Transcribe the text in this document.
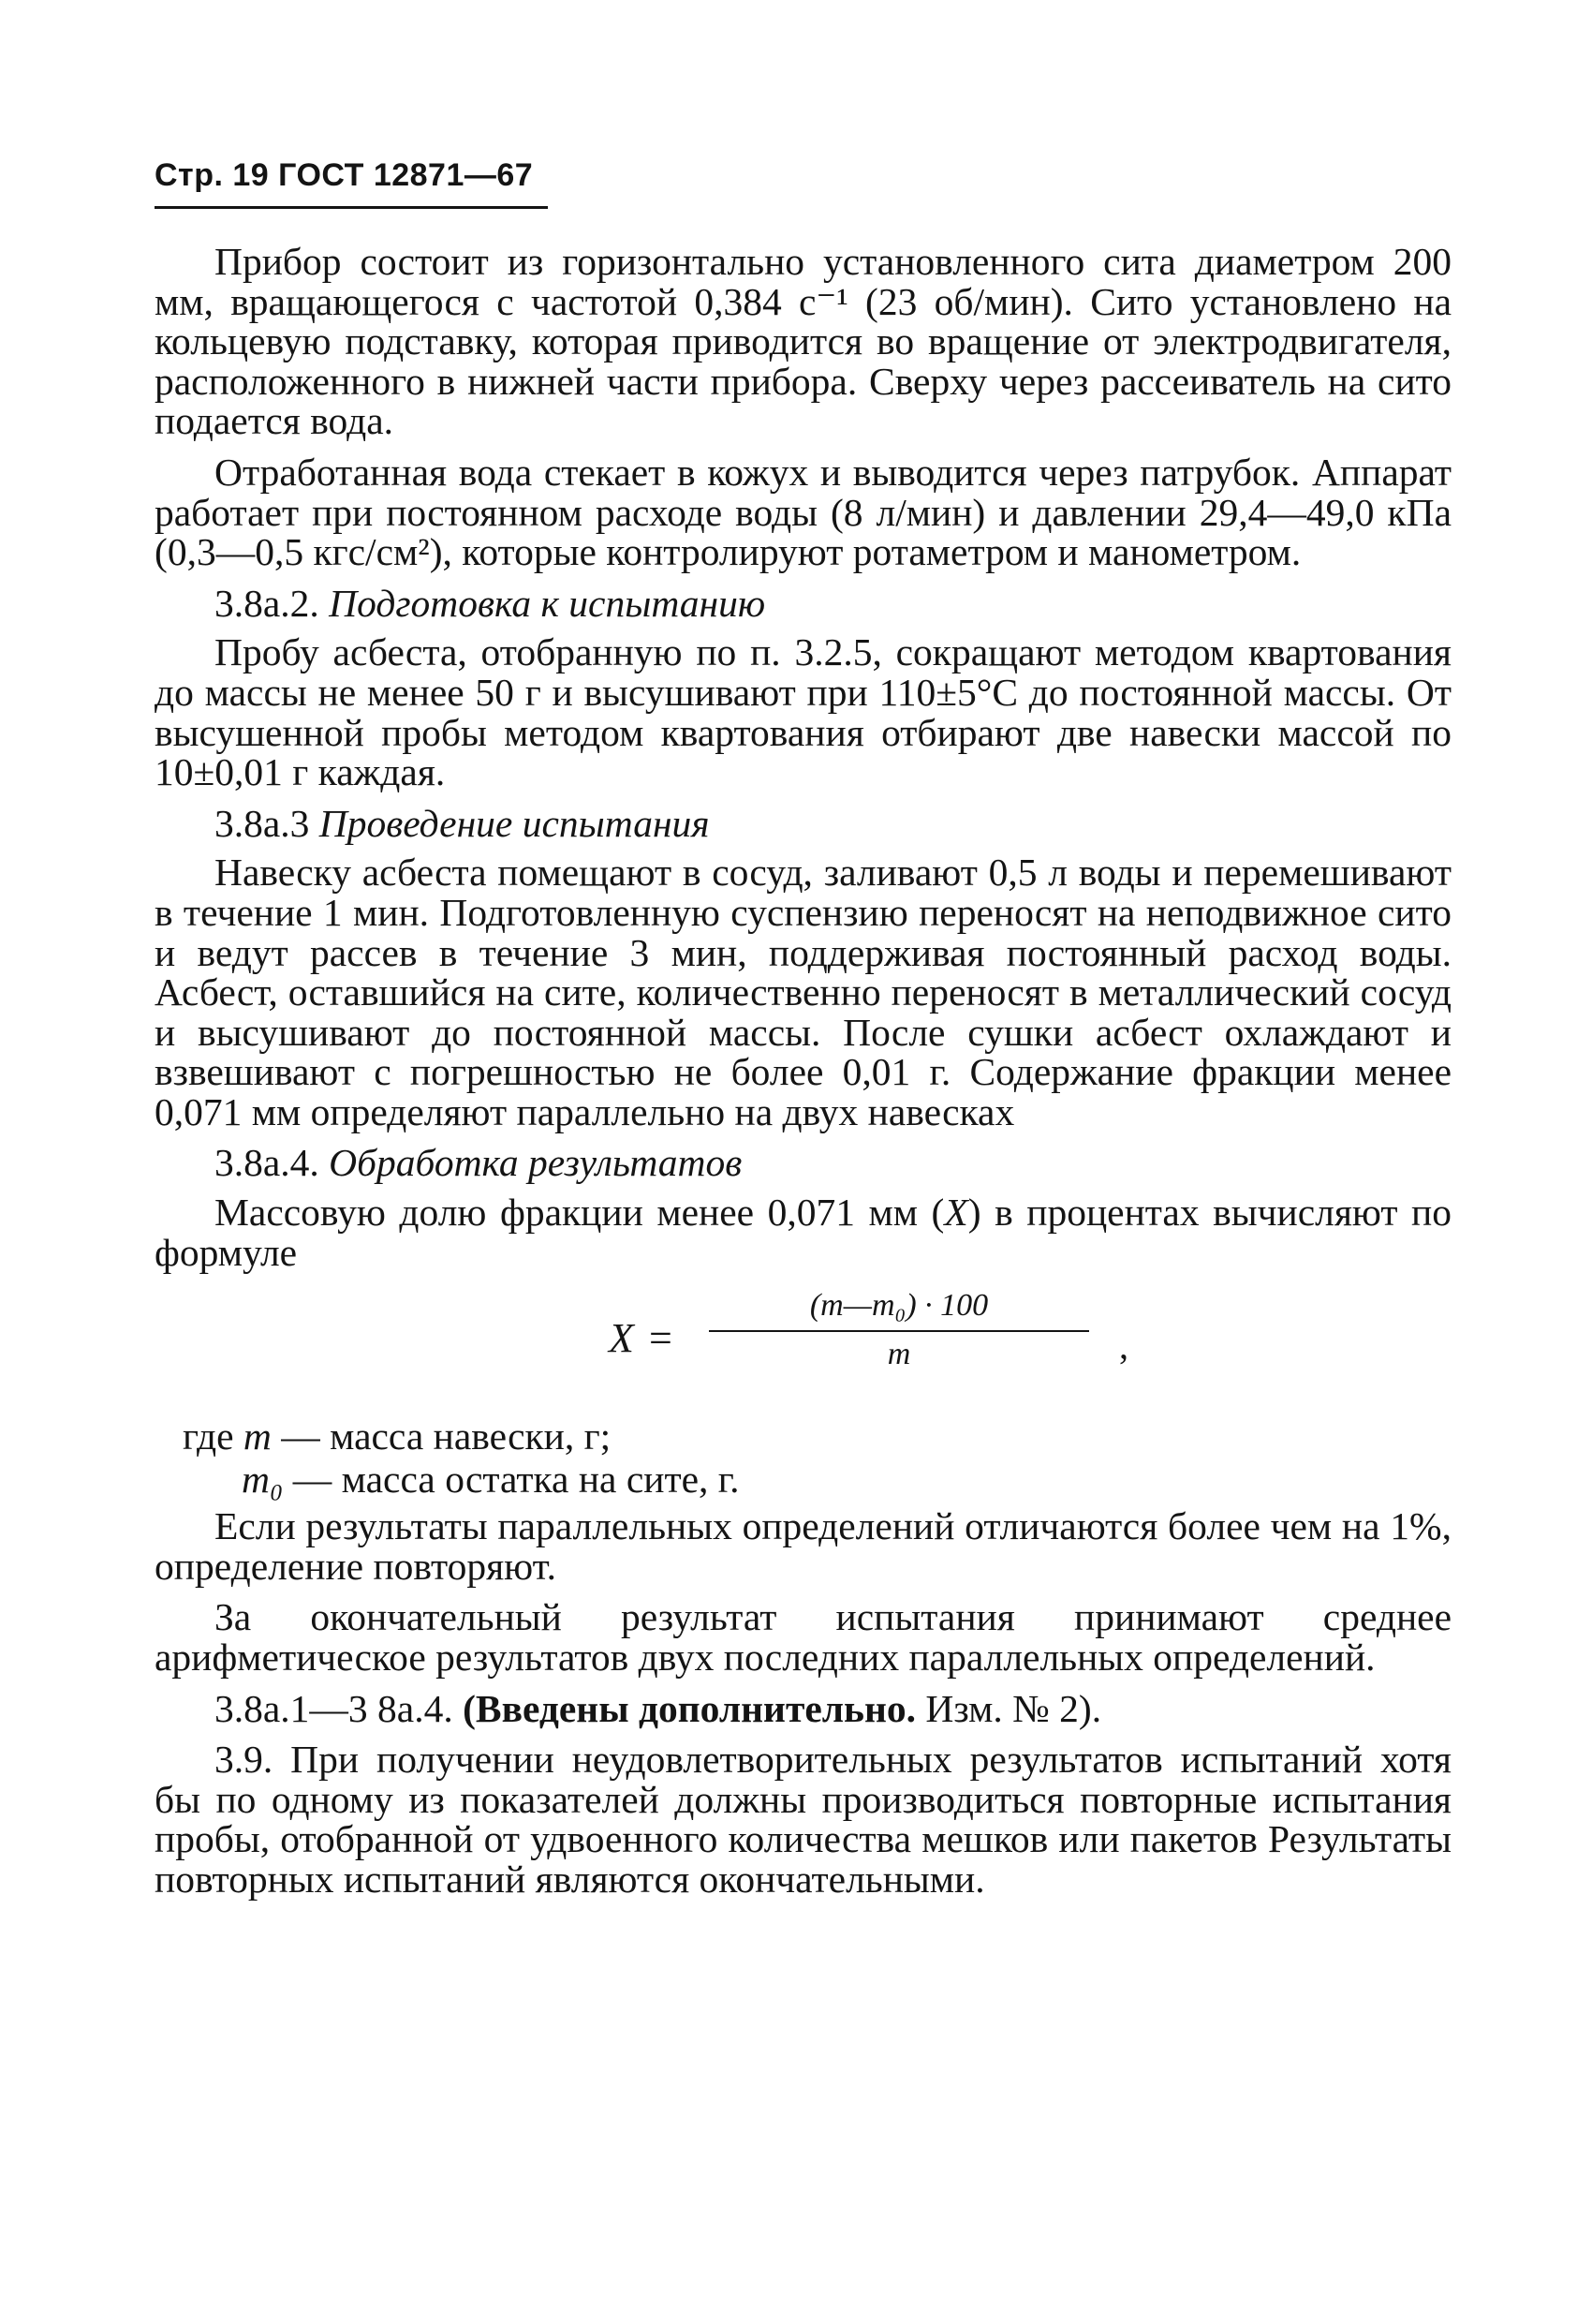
Стр. 19 ГОСТ 12871—67

Прибор состоит из горизонтально установленного сита диаметром 200 мм, вращающегося с частотой 0,384 с⁻¹ (23 об/мин). Сито установлено на кольцевую подставку, которая приводится во вращение от электродвигателя, расположенного в нижней части прибора. Сверху через рассеиватель на сито подается вода.

Отработанная вода стекает в кожух и выводится через патрубок. Аппарат работает при постоянном расходе воды (8 л/мин) и давлении 29,4—49,0 кПа (0,3—0,5 кгс/см²), которые контролируют ротаметром и манометром.

3.8а.2. Подготовка к испытанию

Пробу асбеста, отобранную по п. 3.2.5, сокращают методом квартования до массы не менее 50 г и высушивают при 110±5°С до постоянной массы. От высушенной пробы методом квартования отбирают две навески массой по 10±0,01 г каждая.

3.8а.3 Проведение испытания

Навеску асбеста помещают в сосуд, заливают 0,5 л воды и перемешивают в течение 1 мин. Подготовленную суспензию переносят на неподвижное сито и ведут рассев в течение 3 мин, поддерживая постоянный расход воды. Асбест, оставшийся на сите, количественно переносят в металлический сосуд и высушивают до постоянной массы. После сушки асбест охлаждают и взвешивают с погрешностью не более 0,01 г. Содержание фракции менее 0,071 мм определяют параллельно на двух навесках

3.8а.4. Обработка результатов

Массовую долю фракции менее 0,071 мм (X) в процентах вычисляют по формуле

X =
(m—m₀) · 100
m	,
где m — масса навески, г;
m₀ — масса остатка на сите, г.

Если результаты параллельных определений отличаются более чем на 1%, определение повторяют.

За окончательный результат испытания принимают среднее арифметическое результатов двух последних параллельных определений.

3.8а.1—3 8а.4. (Введены дополнительно. Изм. № 2).

3.9. При получении неудовлетворительных результатов испытаний хотя бы по одному из показателей должны производиться повторные испытания пробы, отобранной от удвоенного количества мешков или пакетов Результаты повторных испытаний являются окончательными.
